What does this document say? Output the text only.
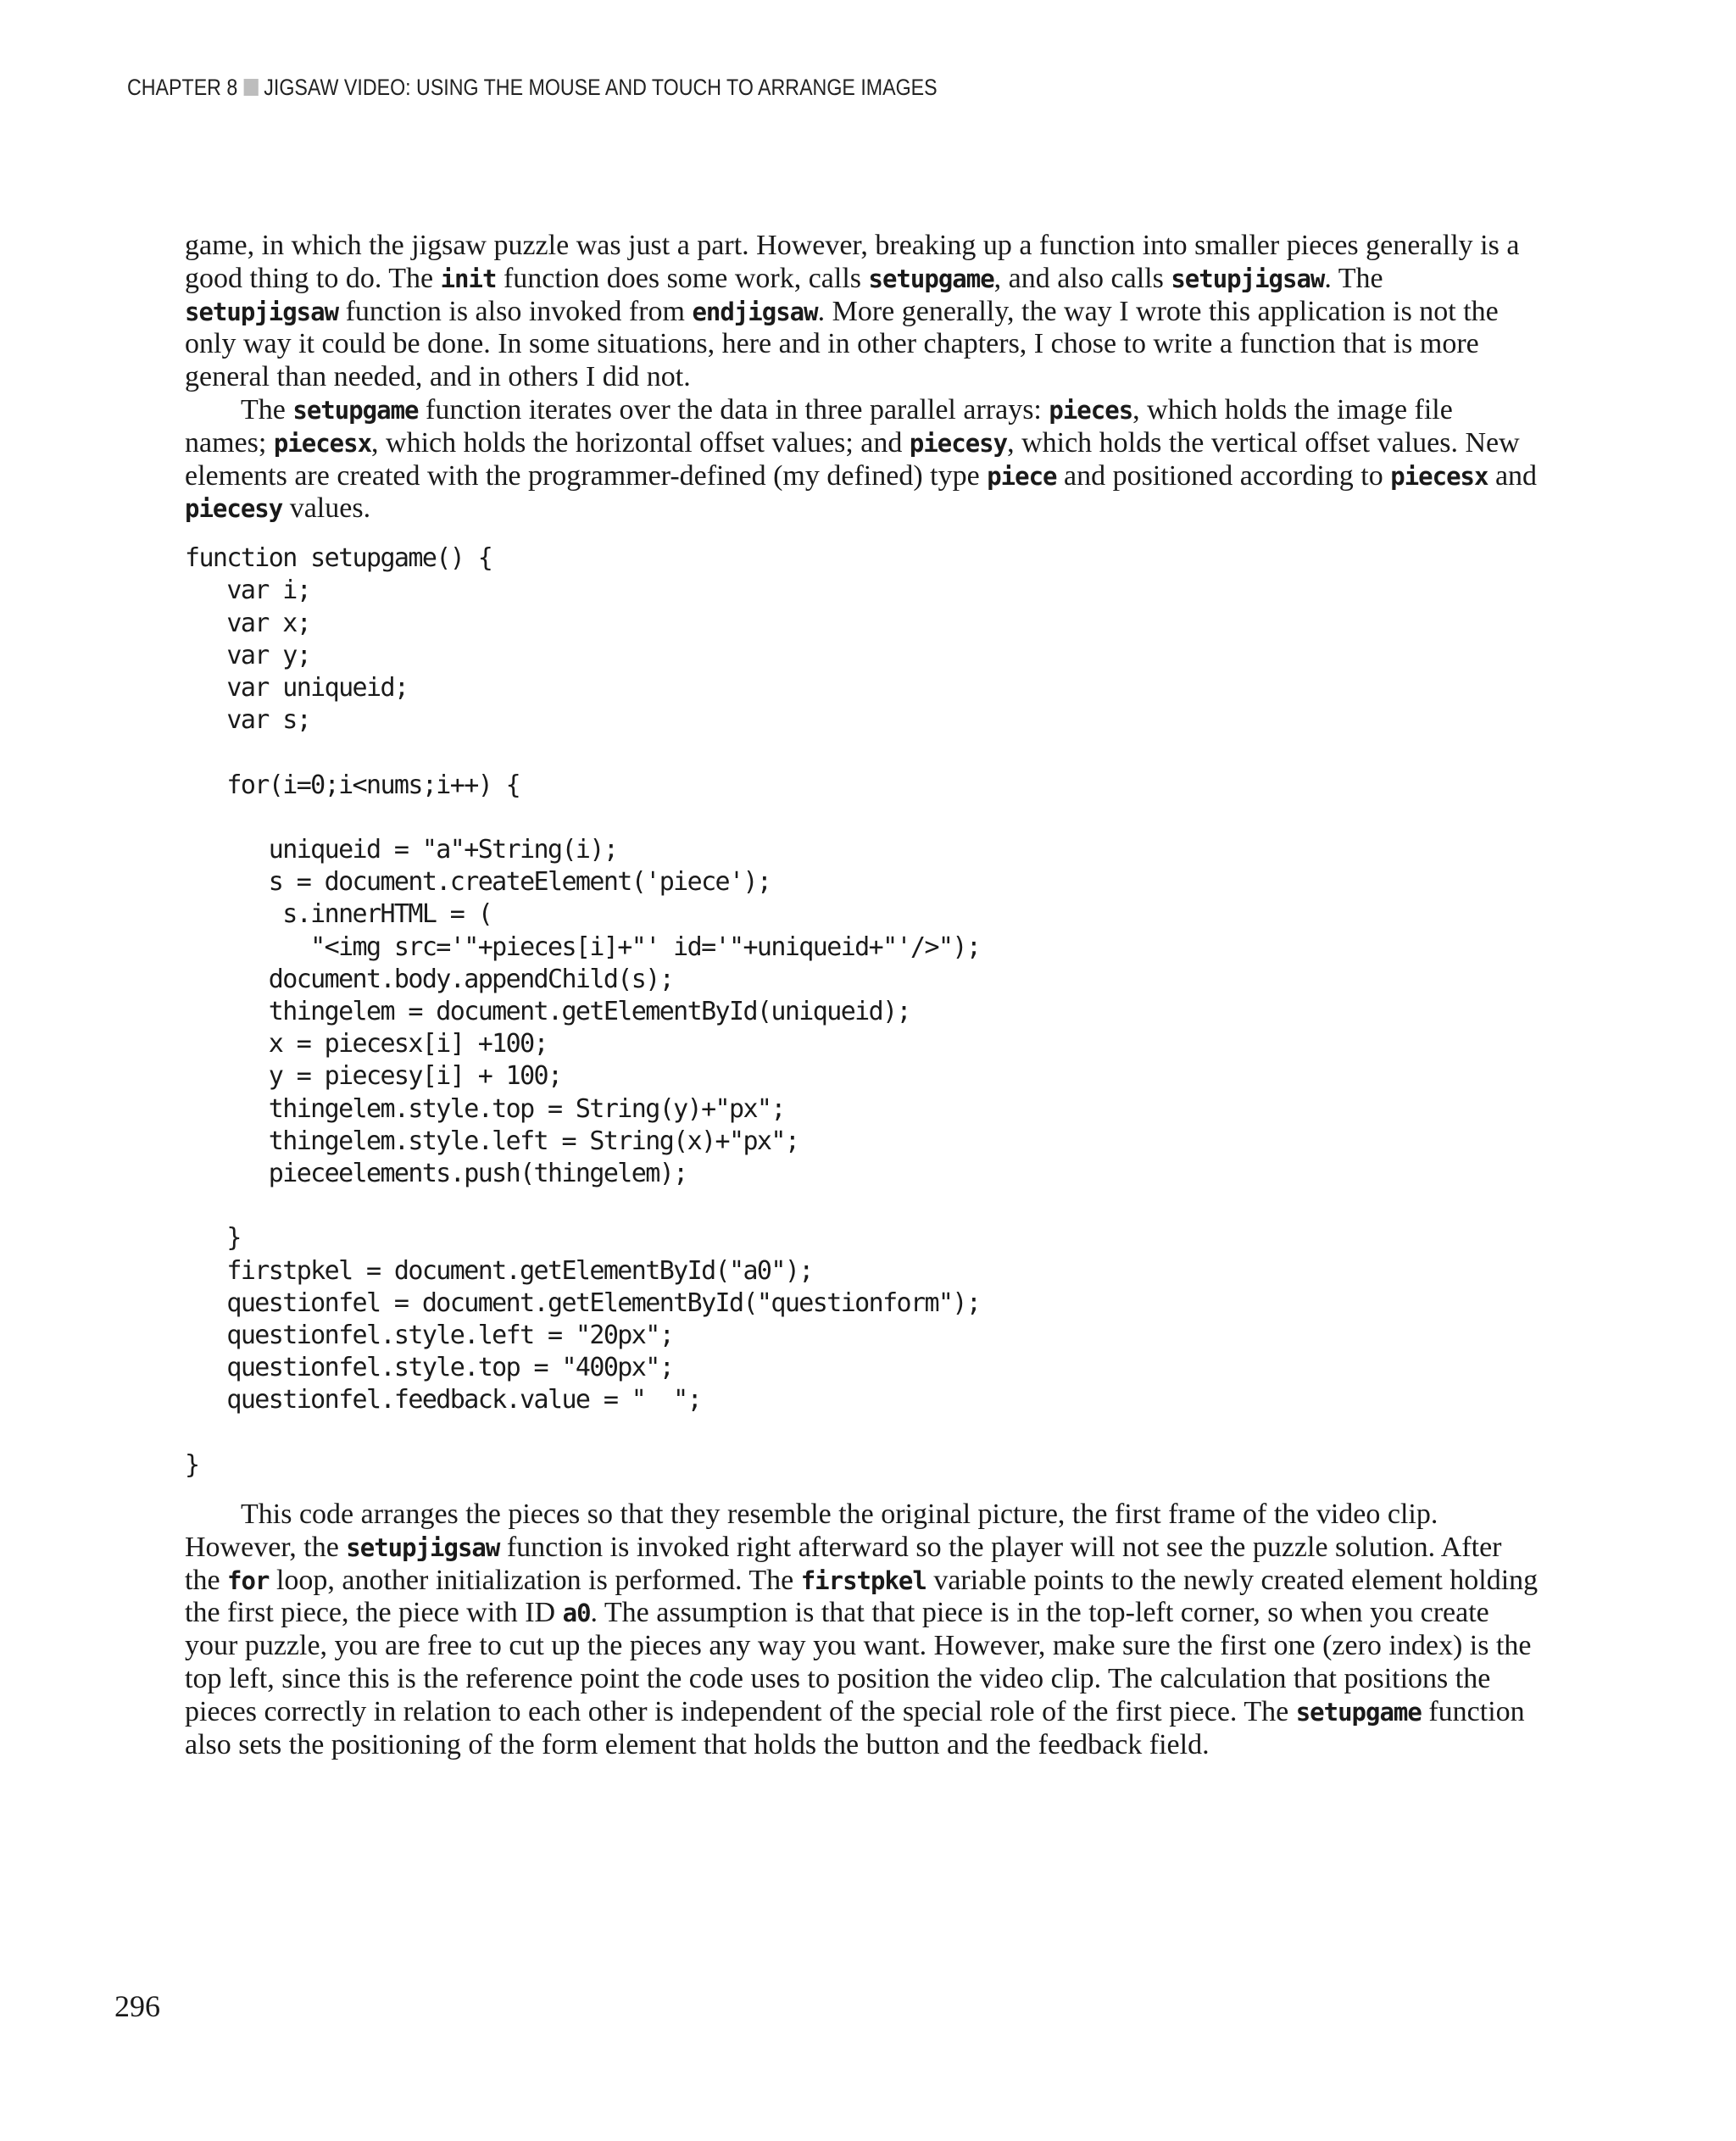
CHAPTER 8 JIGSAW VIDEO: USING THE MOUSE AND TOUCH TO ARRANGE IMAGES

game, in which the jigsaw puzzle was just a part. However, breaking up a function into smaller pieces generally is a good thing to do. The init function does some work, calls setupgame, and also calls setupjigsaw. The setupjigsaw function is also invoked from endjigsaw. More generally, the way I wrote this application is not the only way it could be done. In some situations, here and in other chapters, I chose to write a function that is more general than needed, and in others I did not.

The setupgame function iterates over the data in three parallel arrays: pieces, which holds the image file names; piecesx, which holds the horizontal offset values; and piecesy, which holds the vertical offset values. New elements are created with the programmer-defined (my defined) type piece and positioned according to piecesx and piecesy values.

function setupgame() {
var i;
var x;
var y;
var uniqueid;
var s;

for(i=0;i<nums;i++) {

uniqueid = "a"+String(i);
s = document.createElement('piece');
s.innerHTML = (
"<img src='"+pieces[i]+"' id='"+uniqueid+"'/>");
document.body.appendChild(s);
thingelem = document.getElementById(uniqueid);
x = piecesx[i] +100;
y = piecesy[i] + 100;
thingelem.style.top = String(y)+"px";
thingelem.style.left = String(x)+"px";
pieceelements.push(thingelem);

}
firstpkel = document.getElementById("a0");
questionfel = document.getElementById("questionform");
questionfel.style.left = "20px";
questionfel.style.top = "400px";
questionfel.feedback.value = "  ";

}

This code arranges the pieces so that they resemble the original picture, the first frame of the video clip. However, the setupjigsaw function is invoked right afterward so the player will not see the puzzle solution. After the for loop, another initialization is performed. The firstpkel variable points to the newly created element holding the first piece, the piece with ID a0. The assumption is that that piece is in the top-left corner, so when you create your puzzle, you are free to cut up the pieces any way you want. However, make sure the first one (zero index) is the top left, since this is the reference point the code uses to position the video clip. The calculation that positions the pieces correctly in relation to each other is independent of the special role of the first piece. The setupgame function also sets the positioning of the form element that holds the button and the feedback field.

296
